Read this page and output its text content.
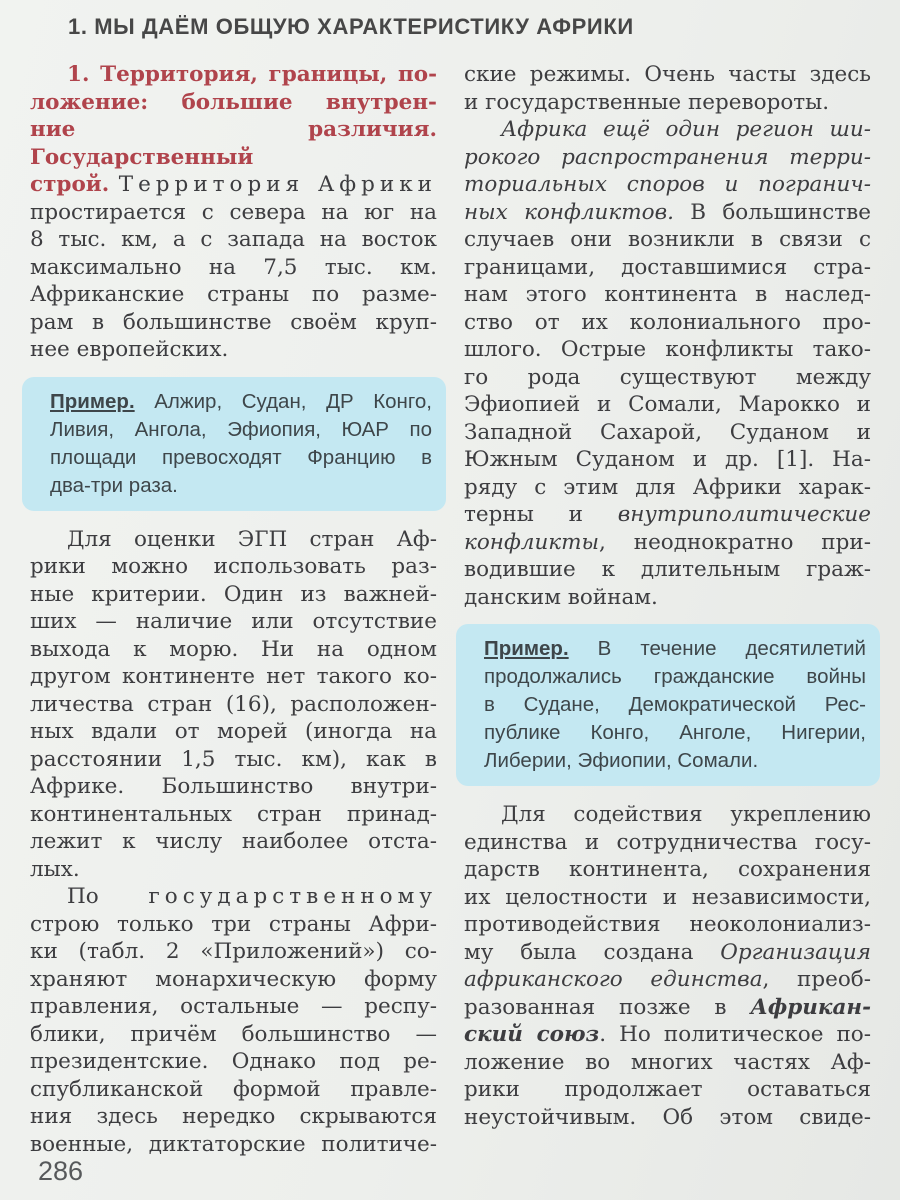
1. МЫ ДАЁМ ОБЩУЮ ХАРАКТЕРИСТИКУ АФРИКИ
1. Территория, границы, по-
ложение: большие внутрен-
ние различия. Государственный
строй. Территория Африки
простирается с севера на юг на
8 тыс. км, а с запада на восток
максимально на 7,5 тыс. км.
Африканские страны по разме-
рам в большинстве своём круп-
нее европейских.
Пример. Алжир, Судан, ДР Конго,
Ливия, Ангола, Эфиопия, ЮАР по
площади превосходят Францию в
два-три раза.
Для оценки ЭГП стран Аф-
рики можно использовать раз-
ные критерии. Один из важней-
ших — наличие или отсутствие
выхода к морю. Ни на одном
другом континенте нет такого ко-
личества стран (16), расположен-
ных вдали от морей (иногда на
расстоянии 1,5 тыс. км), как в
Африке. Большинство внутри-
континентальных стран принад-
лежит к числу наиболее отста-
лых.
По государственному
строю только три страны Афри-
ки (табл. 2 «Приложений») со-
храняют монархическую форму
правления, остальные — респу-
блики, причём большинство —
президентские. Однако под ре-
спубликанской формой правле-
ния здесь нередко скрываются
военные, диктаторские политиче-
ские режимы. Очень часты здесь
и государственные перевороты.
Африка ещё один регион ши-
рокого распространения терри-
ториальных споров и погранич-
ных конфликтов. В большинстве
случаев они возникли в связи с
границами, доставшимися стра-
нам этого континента в наслед-
ство от их колониального про-
шлого. Острые конфликты тако-
го рода существуют между
Эфиопией и Сомали, Марокко и
Западной Сахарой, Суданом и
Южным Суданом и др. [1]. На-
ряду с этим для Африки харак-
терны и внутриполитические
конфликты, неоднократно при-
водившие к длительным граж-
данским войнам.
Пример. В течение десятилетий
продолжались гражданские войны
в Судане, Демократической Рес-
публике Конго, Анголе, Нигерии,
Либерии, Эфиопии, Сомали.
Для содействия укреплению
единства и сотрудничества госу-
дарств континента, сохранения
их целостности и независимости,
противодействия неоколониализ-
му была создана Организация
африканского единства, преоб-
разованная позже в Африкан-
ский союз. Но политическое по-
ложение во многих частях Аф-
рики продолжает оставаться
неустойчивым. Об этом свиде-
286
